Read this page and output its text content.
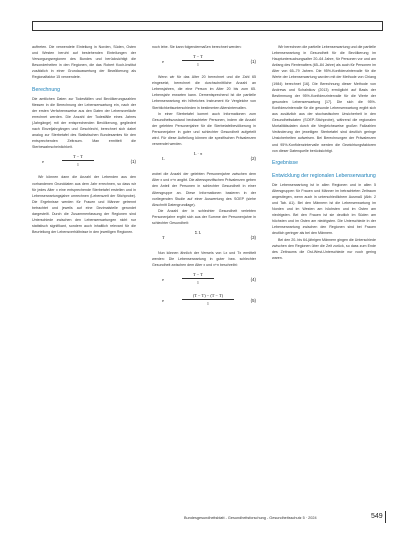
auftreten. Die verwendete Einteilung in Norden, Süden, Osten und Westen beruht auf bestehenden Einteilungen der Versorgungsregionen des Bundes und berücksichtigt die Besonderheiten in den Regionen, die das Robert Koch-Institut zusätzlich in einer Grundauswertung der Bewölkerung als Regionalfaktor 15 verwendete.

Berechnung

Die amtlichen Daten zur Todesfällen und Bevölkerungszahlen fliessen in die Berechnung der Lebenserwartung ein, nach der der ersten Verfahrensweise aus den Daten der Lebensverläufe errechnet werden. Die Anzahl der Todesfälle eines Jahres (Jahrgänge) mit der entsprechenden Bevölkerung, gegliedert nach Einzeljahrgängen und Geschlecht, berechnet sich dabei analog zur Sterbetafel des Statistischen Bundesamtes für den entsprechenden Zeitraum. Man ermittelt die Sterbewahrscheinlichkeit.

e
T − T
l
(1)

Wir können dann die Anzahl der Lebenden aus den vorhandenen Grunddaten aus dem Jahr errechnen, so dass wir für jedes Alter x eine entsprechende Sterbetafel erstellen und in Lebenserwartungsjahre umrechnen (Lebenszeit der Stichprobe). Die Ergebnisse werden für Frauen und Männer getrennt betrachtet und jeweils auf eine Dezimalstelle gerundet dargestellt. Durch die Zusammenfassung der Regionen sind Unterschiede zwischen den Lebenserwartungen nicht nur statistisch signifikant, sondern auch inhaltlich relevant für die Beurteilung der Lebensverhältnisse in den jeweiligen Regionen.

noch lebe. Sie kann folgendermaßen berechnet werden:

e
T − T
l
(1)

Wenn wir für das Alter 20 berechnet und die Zahl 65 eingesetzt, berechnet die durchschnittliche Anzahl an Lebensjahren, die eine Person im Alter 20 bis zum 65. Lebensjahr erwarten kann. Dementsprechend ist die partielle Lebenserwartung ein hilfreiches Instrument für Vergleiche von Sterblichkeitsunterschieden in bestimmten Altersintervallen.

In einer Sterbetafel kommt auch Informationen zum Gesundheitszustand beobachteter Personen, indem die Anzahl der gelebten Personenjahre für die Sterbetafelbevölkerung in Personenjahre in guter und schlechter Gesundheit aufgeteilt wird. Für diese Aufteilung können die spezifischen Prävalenzen verwendet werden.

L
L · π
(2)

wobei die Anzahl der gelebten Personenjahre zwischen dem Alter x und x+n angibt. Die altersspezifischen Prävalenzen geben den Anteil der Personen in schlechter Gesundheit in einer Altersgruppe an. Diese Informationen basieren in der vorliegenden Studie auf einer Auswertung des SOEP (siehe Abschnitt Datengrundlage).

Die Anzahl der in schlechter Gesundheit verlebten Personenjahre ergibt sich aus der Summe der Personenjahre in schlechter Gesundheit:

T
Σ L
(3)

Nun können ähnlich der Verweis von Lx und Tx ermittelt werden: Die Lebenserwartung in guter bzw. schlechter Gesundheit zwischen dem Alter x und x+n beschreibt:

e
T − T
l
(4)
e
(T − T) − (T − T)
l
(5)

Wir berechnen die partielle Lebenserwartung und die partielle Lebenserwartung in Gesundheit für die Bevölkerung im Hauptuntersuchungsalter 20–64 Jahre, für Personen vor und am Anfang des Rentenalters (65–84 Jahre) als auch für Personen im Alter von 65–79 Jahren. Die 95%-Konfidenzintervalle für die Werte der Lebenserwartung wurden mit der Methode von Chiang (1984) berechnet [16]. Die Berechnung dieser Methode von Andrews und Schalnikov (2013) ermöglicht auf Basis der Bestimmung der 95%-Konfidenzintervalle für die Werte der gesunden Lebenserwartung [17]. Die sich die 95%-Konfidenzintervalle für die gesunde Lebenserwartung ergibt sich aus zusätzlich aus der stochastischen Unsicherheit in den Gesundheitsdaten (SOEP-Stichprobe), während die regionalen Mortalitätsdaten durch die Vergleichsweise großen Fallzahlen Veränderung der jeweiligen Sterbetafel sind deutlich geringe Unsicherheiten aufweisen. Bei Berechnungen der Prävalenzen und 95%-Konfidenzintervalle werden die Gewichtungsfaktoren von dieser Datenquelle berücksichtigt.

Ergebnisse
Entwicklung der regionalen Lebenserwartung

Die Lebenserwartung ist in allen Regionen und in allen 5 Altersgruppen für Frauen und Männer im betrachteten Zeitraum angestiegen, wenn auch in unterschiedlichem Ausmaß (Abb. 2 und Tab. A1). Bei den Männern ist die Lebenserwartung im Norden und im Westen am höchsten und im Osten am niedrigsten. Bei den Frauen ist sie deutlich im Süden am höchsten und im Osten am niedrigsten. Die Unterschiede in der Lebenserwartung zwischen den Regionen sind bei Frauen deutlich geringer als bei den Männern.

Bei den 20- bis 64-jährigen Männern gingen die Unterschiede zwischen den Regionen über die Zeit zurück, so dass zum Ende des Zeitraums die Ost-West-Unterschiede nur noch gering waren.

Bundesgesundheitsblatt - Gesundheitsforschung - Gesundheitsschutz 5 · 2024	549
